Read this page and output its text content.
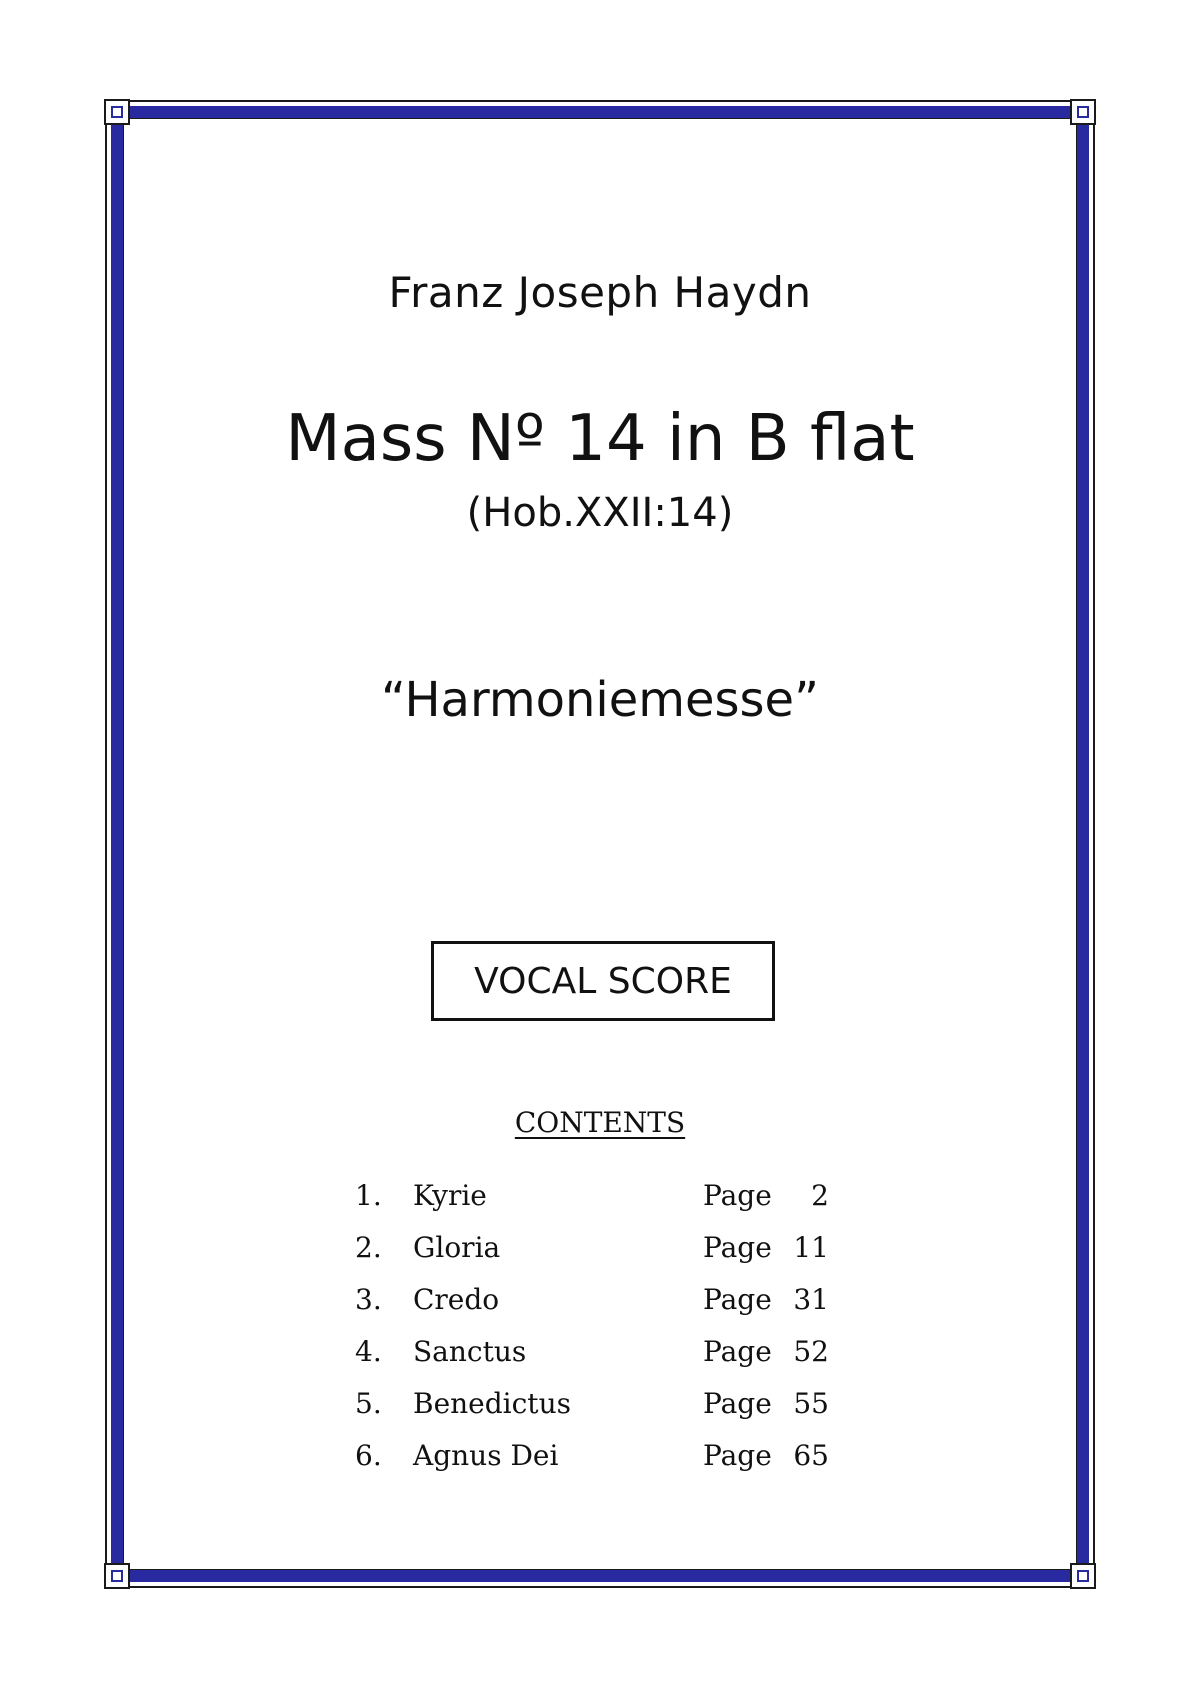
Franz Joseph Haydn
Mass Nº 14 in B flat
(Hob.XXII:14)
“Harmoniemesse”
VOCAL SCORE
CONTENTS
1. Kyrie	Page	2
2. Gloria	Page 11
3. Credo	Page 31
4. Sanctus	Page 52
5. Benedictus	Page 55
6. Agnus Dei	Page 65
